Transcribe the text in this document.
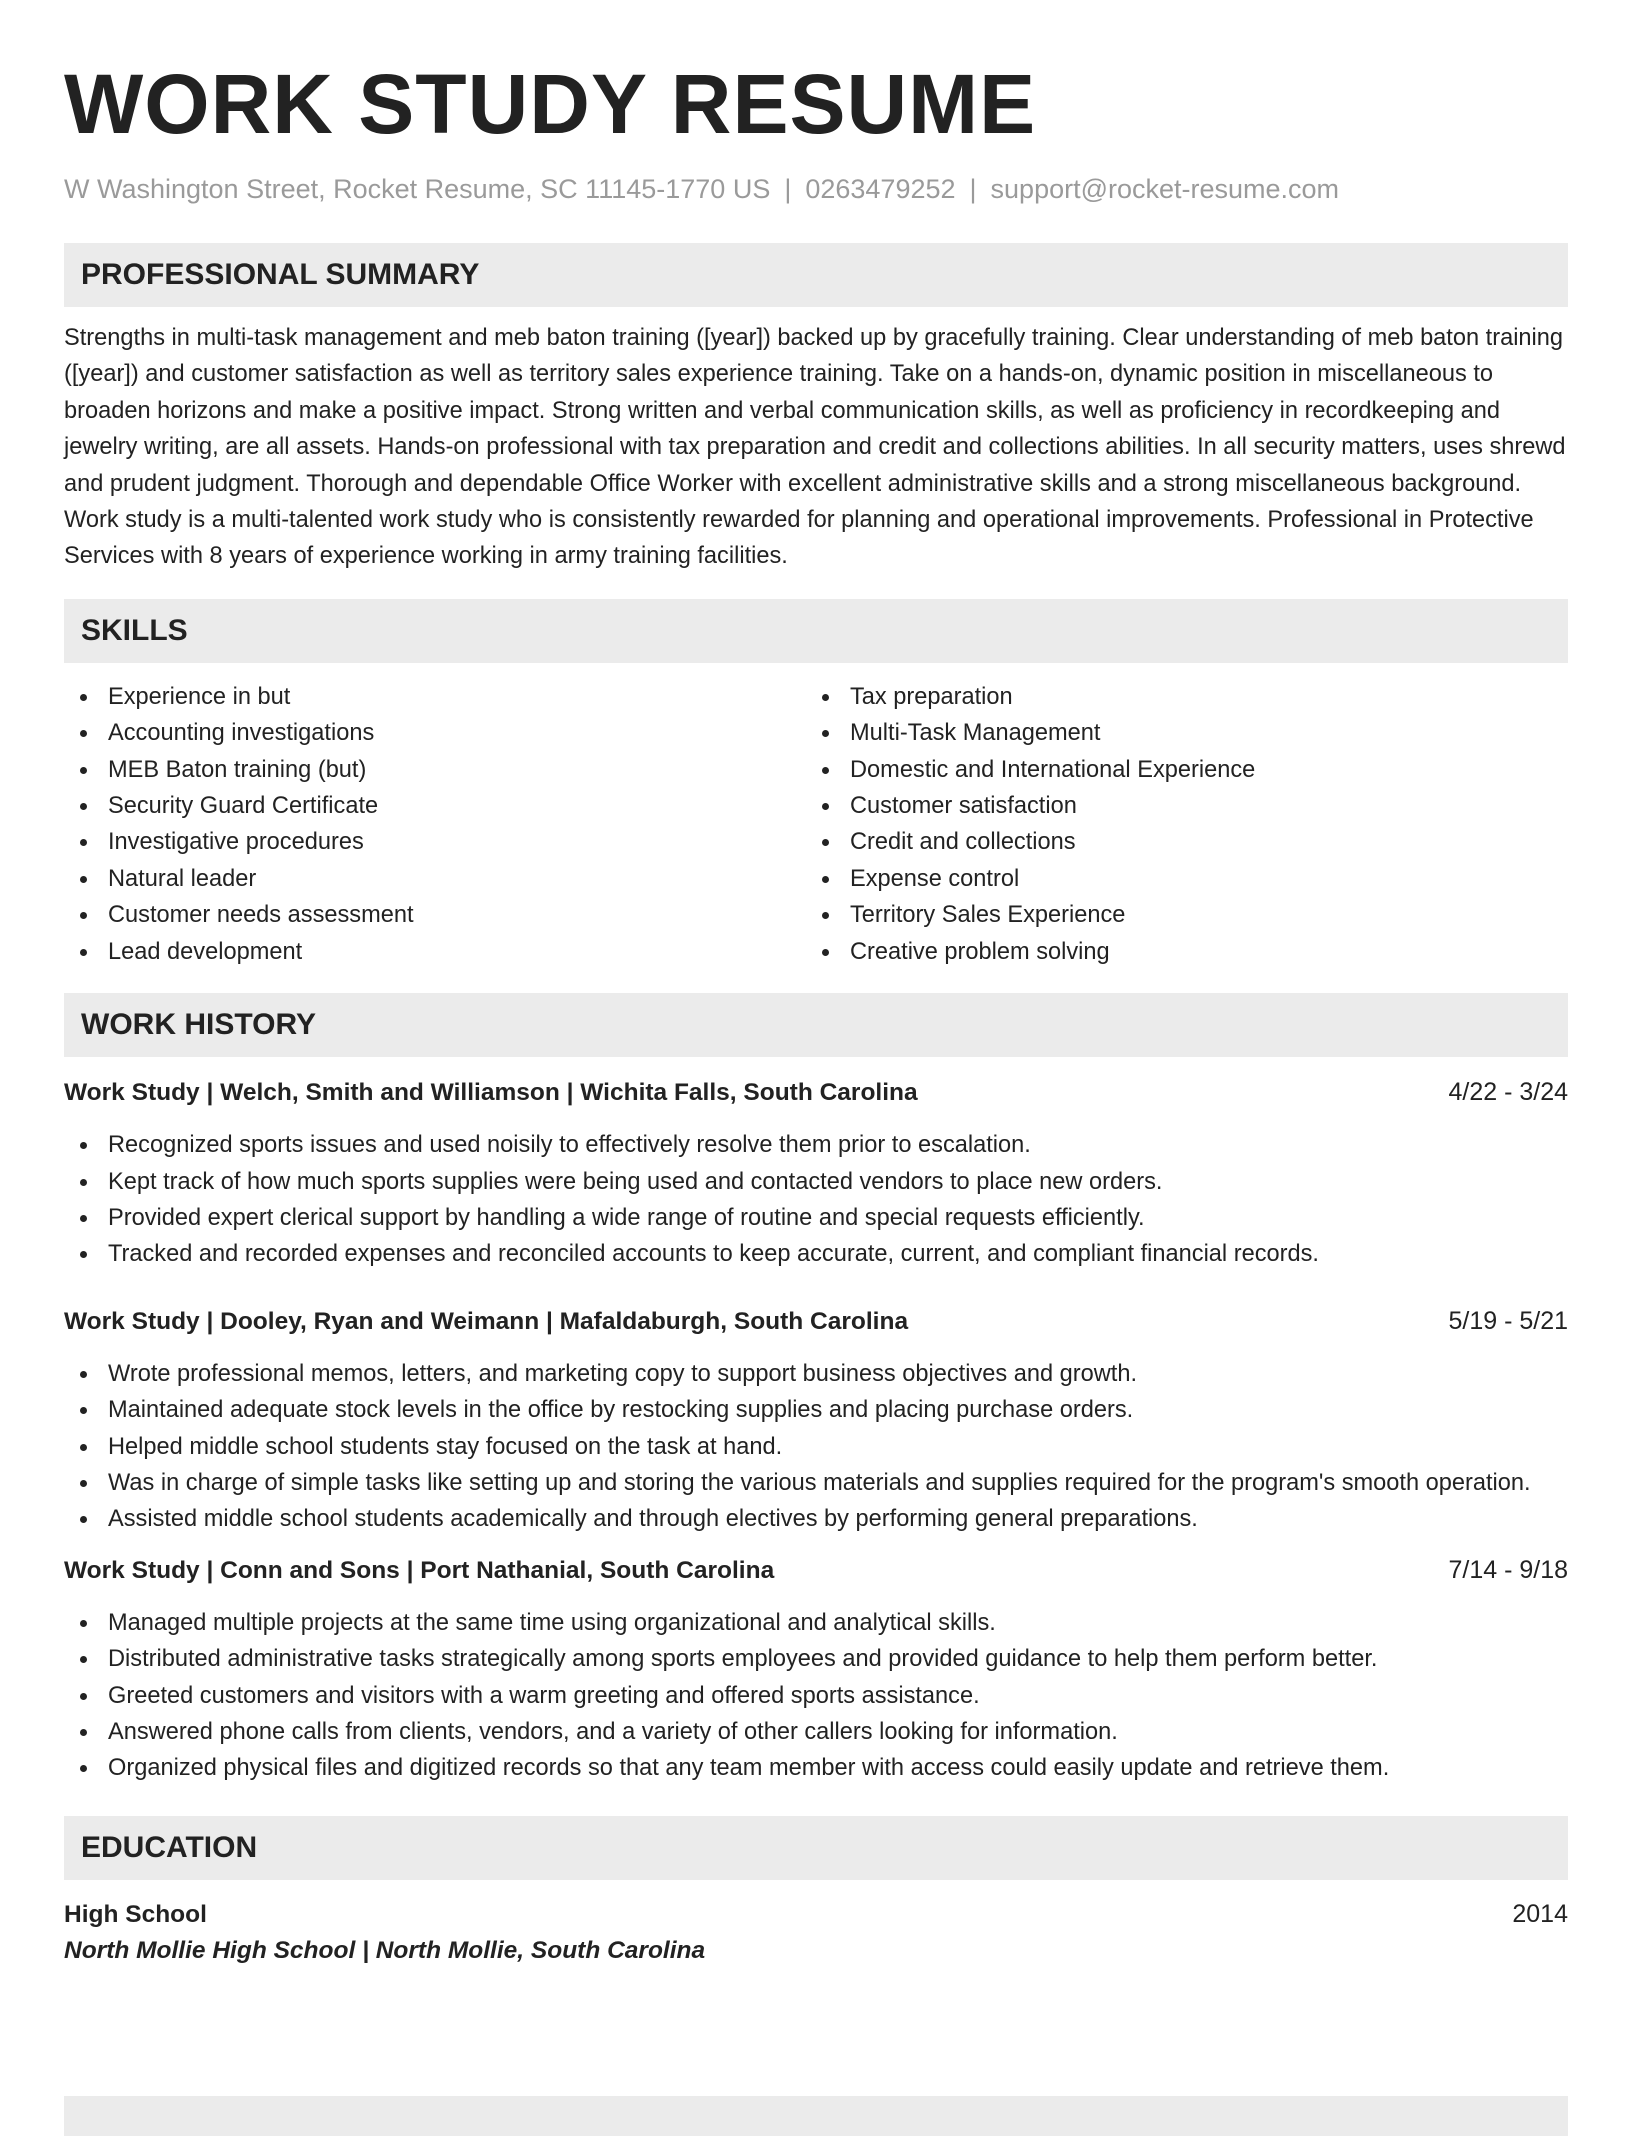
WORK STUDY RESUME
W Washington Street, Rocket Resume, SC 11145-1770 US | 0263479252 | support@rocket-resume.com
PROFESSIONAL SUMMARY

Strengths in multi-task management and meb baton training ([year]) backed up by gracefully training. Clear understanding of meb baton training ([year]) and customer satisfaction as well as territory sales experience training. Take on a hands-on, dynamic position in miscellaneous to broaden horizons and make a positive impact. Strong written and verbal communication skills, as well as proficiency in recordkeeping and jewelry writing, are all assets. Hands-on professional with tax preparation and credit and collections abilities. In all security matters, uses shrewd and prudent judgment. Thorough and dependable Office Worker with excellent administrative skills and a strong miscellaneous background. Work study is a multi-talented work study who is consistently rewarded for planning and operational improvements. Professional in Protective Services with 8 years of experience working in army training facilities.

SKILLS
Experience in but
Accounting investigations
MEB Baton training (but)
Security Guard Certificate
Investigative procedures
Natural leader
Customer needs assessment
Lead development
Tax preparation
Multi-Task Management
Domestic and International Experience
Customer satisfaction
Credit and collections
Expense control
Territory Sales Experience
Creative problem solving
WORK HISTORY
Work Study | Welch, Smith and Williamson | Wichita Falls, South Carolina	4/22 - 3/24
Recognized sports issues and used noisily to effectively resolve them prior to escalation.
Kept track of how much sports supplies were being used and contacted vendors to place new orders.
Provided expert clerical support by handling a wide range of routine and special requests efficiently.
Tracked and recorded expenses and reconciled accounts to keep accurate, current, and compliant financial records.
Work Study | Dooley, Ryan and Weimann | Mafaldaburgh, South Carolina	5/19 - 5/21
Wrote professional memos, letters, and marketing copy to support business objectives and growth.
Maintained adequate stock levels in the office by restocking supplies and placing purchase orders.
Helped middle school students stay focused on the task at hand.
Was in charge of simple tasks like setting up and storing the various materials and supplies required for the program's smooth operation.
Assisted middle school students academically and through electives by performing general preparations.
Work Study | Conn and Sons | Port Nathanial, South Carolina	7/14 - 9/18
Managed multiple projects at the same time using organizational and analytical skills.
Distributed administrative tasks strategically among sports employees and provided guidance to help them perform better.
Greeted customers and visitors with a warm greeting and offered sports assistance.
Answered phone calls from clients, vendors, and a variety of other callers looking for information.
Organized physical files and digitized records so that any team member with access could easily update and retrieve them.
EDUCATION
High School	2014
North Mollie High School | North Mollie, South Carolina
